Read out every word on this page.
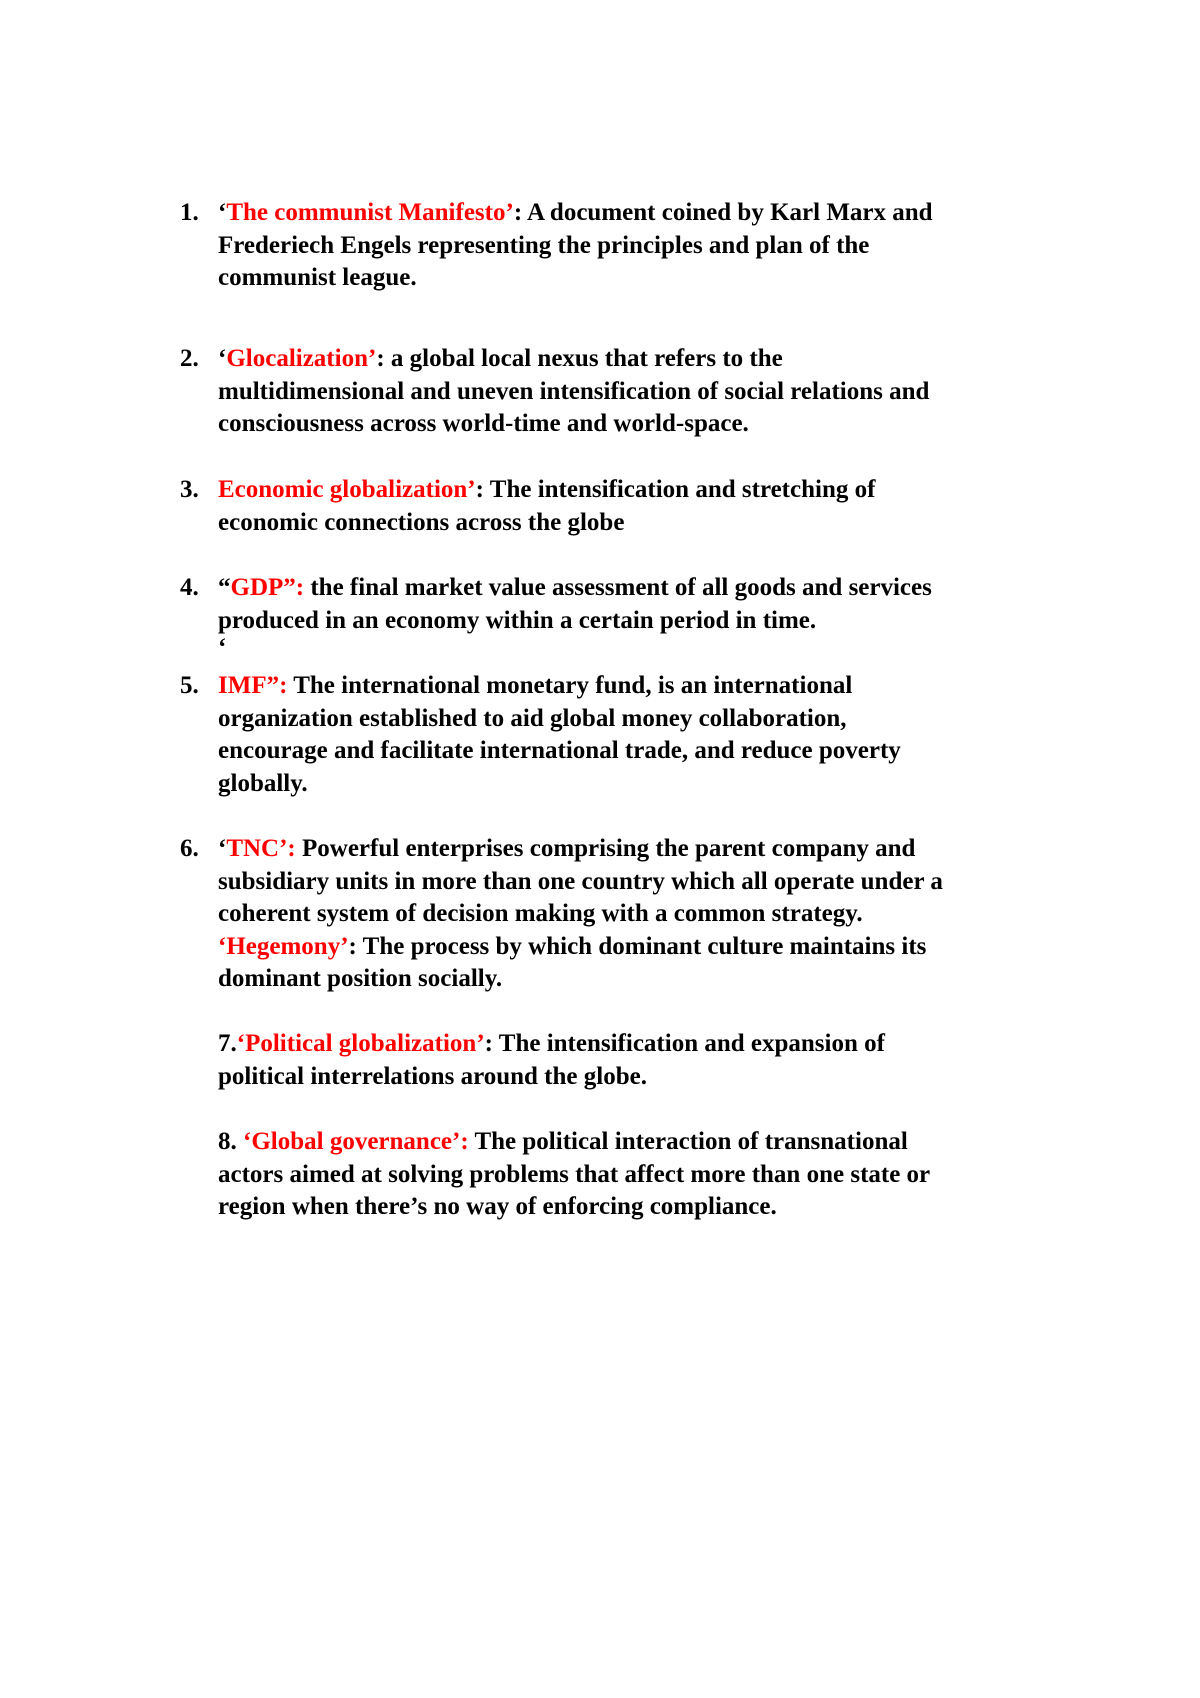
1. ‘The communist Manifesto’: A document coined by Karl Marx and
Frederiech Engels representing the principles and plan of the
communist league.
2. ‘Glocalization’: a global local nexus that refers to the
multidimensional and uneven intensification of social relations and
consciousness across world-time and world-space.
3. Economic globalization’: The intensification and stretching of
economic connections across the globe
4. “GDP”: the final market value assessment of all goods and services
produced in an economy within a certain period in time.
‘
5. IMF”: The international monetary fund, is an international
organization established to aid global money collaboration,
encourage and facilitate international trade, and reduce poverty
globally.
6. ‘TNC’: Powerful enterprises comprising the parent company and
subsidiary units in more than one country which all operate under a
coherent system of decision making with a common strategy.
‘Hegemony’: The process by which dominant culture maintains its
dominant position socially.
7.‘Political globalization’: The intensification and expansion of
political interrelations around the globe.
8. ‘Global governance’: The political interaction of transnational
actors aimed at solving problems that affect more than one state or
region when there’s no way of enforcing compliance.
